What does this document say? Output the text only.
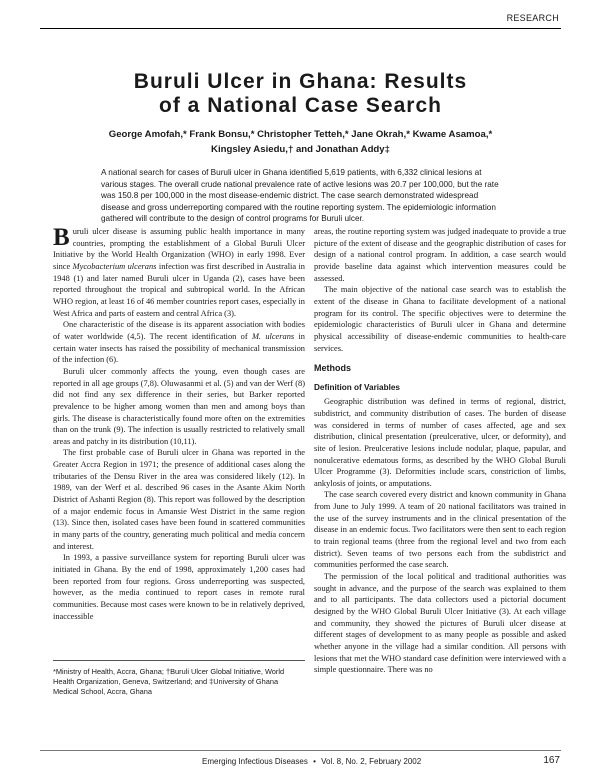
RESEARCH
Buruli Ulcer in Ghana: Results
of a National Case Search
George Amofah,* Frank Bonsu,* Christopher Tetteh,* Jane Okrah,* Kwame Asamoa,*
Kingsley Asiedu,† and Jonathan Addy‡

A national search for cases of Buruli ulcer in Ghana identified 5,619 patients, with 6,332 clinical lesions at various stages. The overall crude national prevalence rate of active lesions was 20.7 per 100,000, but the rate was 150.8 per 100,000 in the most disease-endemic district. The case search demonstrated widespread disease and gross underreporting compared with the routine reporting system. The epidemiologic information gathered will contribute to the design of control programs for Buruli ulcer.

Buruli ulcer disease is assuming public health importance in many countries, prompting the establishment of a Global Buruli Ulcer Initiative by the World Health Organization (WHO) in early 1998. Ever since Mycobacterium ulcerans infection was first described in Australia in 1948 (1) and later named Buruli ulcer in Uganda (2), cases have been reported throughout the tropical and subtropical world. In the African WHO region, at least 16 of 46 member countries report cases, especially in West Africa and parts of eastern and central Africa (3).

One characteristic of the disease is its apparent association with bodies of water worldwide (4,5). The recent identification of M. ulcerans in certain water insects has raised the possibility of mechanical transmission of the infection (6).

Buruli ulcer commonly affects the young, even though cases are reported in all age groups (7,8). Oluwasanmi et al. (5) and van der Werf (8) did not find any sex difference in their series, but Barker reported prevalence to be higher among women than men and among boys than girls. The disease is characteristically found more often on the extremities than on the trunk (9). The infection is usually restricted to relatively small areas and patchy in its distribution (10,11).

The first probable case of Buruli ulcer in Ghana was reported in the Greater Accra Region in 1971; the presence of additional cases along the tributaries of the Densu River in the area was considered likely (12). In 1989, van der Werf et al. described 96 cases in the Asante Akim North District of Ashanti Region (8). This report was followed by the description of a major endemic focus in Amansie West District in the same region (13). Since then, isolated cases have been found in scattered communities in many parts of the country, generating much political and media concern and interest.

In 1993, a passive surveillance system for reporting Buruli ulcer was initiated in Ghana. By the end of 1998, approximately 1,200 cases had been reported from four regions. Gross underreporting was suspected, however, as the media continued to report cases in remote rural communities. Because most cases were known to be in relatively deprived, inaccessible

areas, the routine reporting system was judged inadequate to provide a true picture of the extent of disease and the geographic distribution of cases for design of a national control program. In addition, a case search would provide baseline data against which intervention measures could be assessed.

The main objective of the national case search was to establish the extent of the disease in Ghana to facilitate development of a national program for its control. The specific objectives were to determine the epidemiologic characteristics of Buruli ulcer in Ghana and determine physical accessibility of disease-endemic communities to health-care services.

Methods
Definition of Variables

Geographic distribution was defined in terms of regional, district, subdistrict, and community distribution of cases. The burden of disease was considered in terms of number of cases affected, age and sex distribution, clinical presentation (preulcerative, ulcer, or deformity), and site of lesion. Preulcerative lesions include nodular, plaque, papular, and nonulcerative edematous forms, as described by the WHO Global Buruli Ulcer Programme (3). Deformities include scars, constriction of limbs, ankylosis of joints, or amputations.

The case search covered every district and known community in Ghana from June to July 1999. A team of 20 national facilitators was trained in the use of the survey instruments and in the clinical presentation of the disease in an endemic focus. Two facilitators were then sent to each region to train regional teams (three from the regional level and two from each district). Seven teams of two persons each from the subdistrict and communities performed the case search.

The permission of the local political and traditional authorities was sought in advance, and the purpose of the search was explained to them and to all participants. The data collectors used a pictorial document designed by the WHO Global Buruli Ulcer Initiative (3). At each village and community, they showed the pictures of Buruli ulcer disease at different stages of development to as many people as possible and asked whether anyone in the village had a similar condition. All persons with lesions that met the WHO standard case definition were interviewed with a simple questionnaire. There was no

*Ministry of Health, Accra, Ghana; †Buruli Ulcer Global Initiative, World Health Organization, Geneva, Switzerland; and ‡University of Ghana Medical School, Accra, Ghana

Emerging Infectious Diseases • Vol. 8, No. 2, February 2002	167
